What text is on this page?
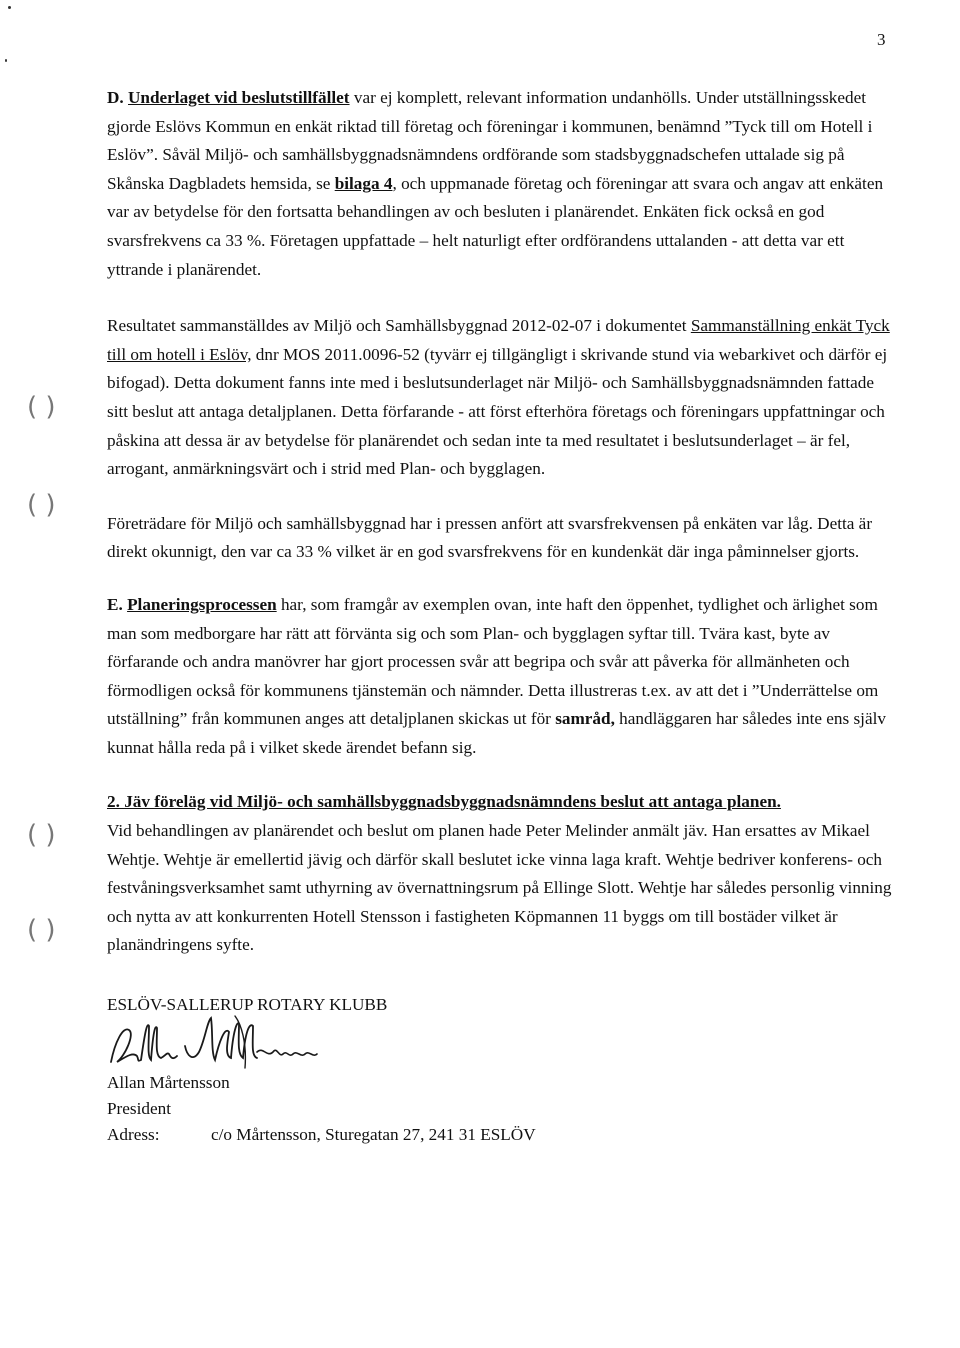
( )
( )
( )
( )
3

D. Underlaget vid beslutstillfället var ej komplett, relevant information undanhölls. Under utställningsskedet gjorde Eslövs Kommun en enkät riktad till företag och föreningar i kommunen, benämnd ”Tyck till om Hotell i Eslöv”. Såväl Miljö- och samhällsbyggnadsnämndens ordförande som stadsbyggnadschefen uttalade sig på Skånska Dagbladets hemsida, se bilaga 4, och uppmanade företag och föreningar att svara och angav att enkäten var av betydelse för den fortsatta behandlingen av och besluten i planärendet. Enkäten fick också en god svarsfrekvens ca 33 %. Företagen uppfattade – helt naturligt efter ordförandens uttalanden - att detta var ett yttrande i planärendet.

Resultatet sammanställdes av Miljö och Samhällsbyggnad 2012-02-07 i dokumentet Sammanställning enkät Tyck till om hotell i Eslöv, dnr MOS 2011.0096-52 (tyvärr ej tillgängligt i skrivande stund via webarkivet och därför ej bifogad). Detta dokument fanns inte med i beslutsunderlaget när Miljö- och Samhällsbyggnadsnämnden fattade sitt beslut att antaga detaljplanen. Detta förfarande - att först efterhöra företags och föreningars uppfattningar och påskina att dessa är av betydelse för planärendet och sedan inte ta med resultatet i beslutsunderlaget – är fel, arrogant, anmärkningsvärt och i strid med Plan- och bygglagen.

Företrädare för Miljö och samhällsbyggnad har i pressen anfört att svarsfrekvensen på enkäten var låg. Detta är direkt okunnigt, den var ca 33 % vilket är en god svarsfrekvens för en kundenkät där inga påminnelser gjorts.

E. Planeringsprocessen har, som framgår av exemplen ovan, inte haft den öppenhet, tydlighet och ärlighet som man som medborgare har rätt att förvänta sig och som Plan- och bygglagen syftar till. Tvära kast, byte av förfarande och andra manövrer har gjort processen svår att begripa och svår att påverka för allmänheten och förmodligen också för kommunens tjänstemän och nämnder. Detta illustreras t.ex. av att det i ”Underrättelse om utställning” från kommunen anges att detaljplanen skickas ut för samråd, handläggaren har således inte ens själv kunnat hålla reda på i vilket skede ärendet befann sig.

2. Jäv föreläg vid Miljö- och samhällsbyggnadsbyggnadsnämndens beslut att antaga planen.
Vid behandlingen av planärendet och beslut om planen hade Peter Melinder anmält jäv. Han ersattes av Mikael Wehtje. Wehtje är emellertid jävig och därför skall beslutet icke vinna laga kraft. Wehtje bedriver konferens- och festvåningsverksamhet samt uthyrning av övernattningsrum på Ellinge Slott. Wehtje har således personlig vinning och nytta av att konkurrenten Hotell Stensson i fastigheten Köpmannen 11 byggs om till bostäder vilket är planändringens syfte.

ESLÖV-SALLERUP ROTARY KLUBB
Allan Mårtensson
President
Adress:	c/o Mårtensson, Sturegatan 27, 241 31 ESLÖV
